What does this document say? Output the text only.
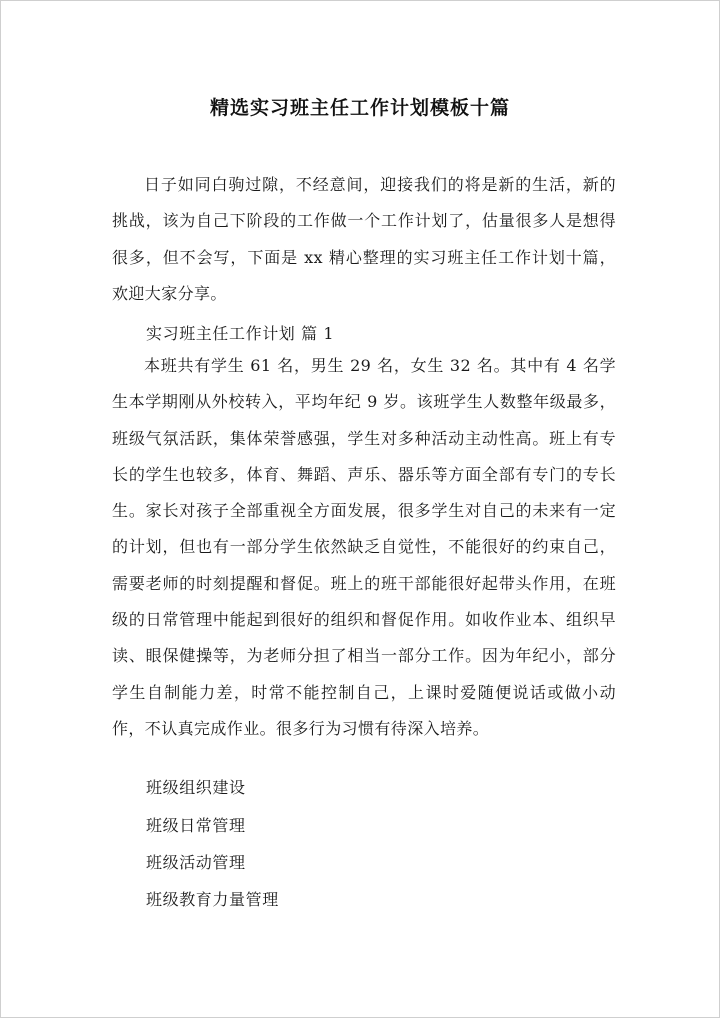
精选实习班主任工作计划模板十篇

日子如同白驹过隙，不经意间，迎接我们的将是新的生活，新的挑战，该为自己下阶段的工作做一个工作计划了，估量很多人是想得很多，但不会写，下面是 xx 精心整理的实习班主任工作计划十篇，欢迎大家分享。

实习班主任工作计划 篇 1

本班共有学生 61 名，男生 29 名，女生 32 名。其中有 4 名学生本学期刚从外校转入，平均年纪 9 岁。该班学生人数整年级最多，班级气氛活跃，集体荣誉感强，学生对多种活动主动性高。班上有专长的学生也较多，体育、舞蹈、声乐、器乐等方面全部有专门的专长生。家长对孩子全部重视全方面发展，很多学生对自己的未来有一定的计划，但也有一部分学生依然缺乏自觉性，不能很好的约束自己，需要老师的时刻提醒和督促。班上的班干部能很好起带头作用，在班级的日常管理中能起到很好的组织和督促作用。如收作业本、组织早读、眼保健操等，为老师分担了相当一部分工作。因为年纪小，部分学生自制能力差，时常不能控制自己，上课时爱随便说话或做小动作，不认真完成作业。很多行为习惯有待深入培养。

班级组织建设
班级日常管理
班级活动管理
班级教育力量管理
